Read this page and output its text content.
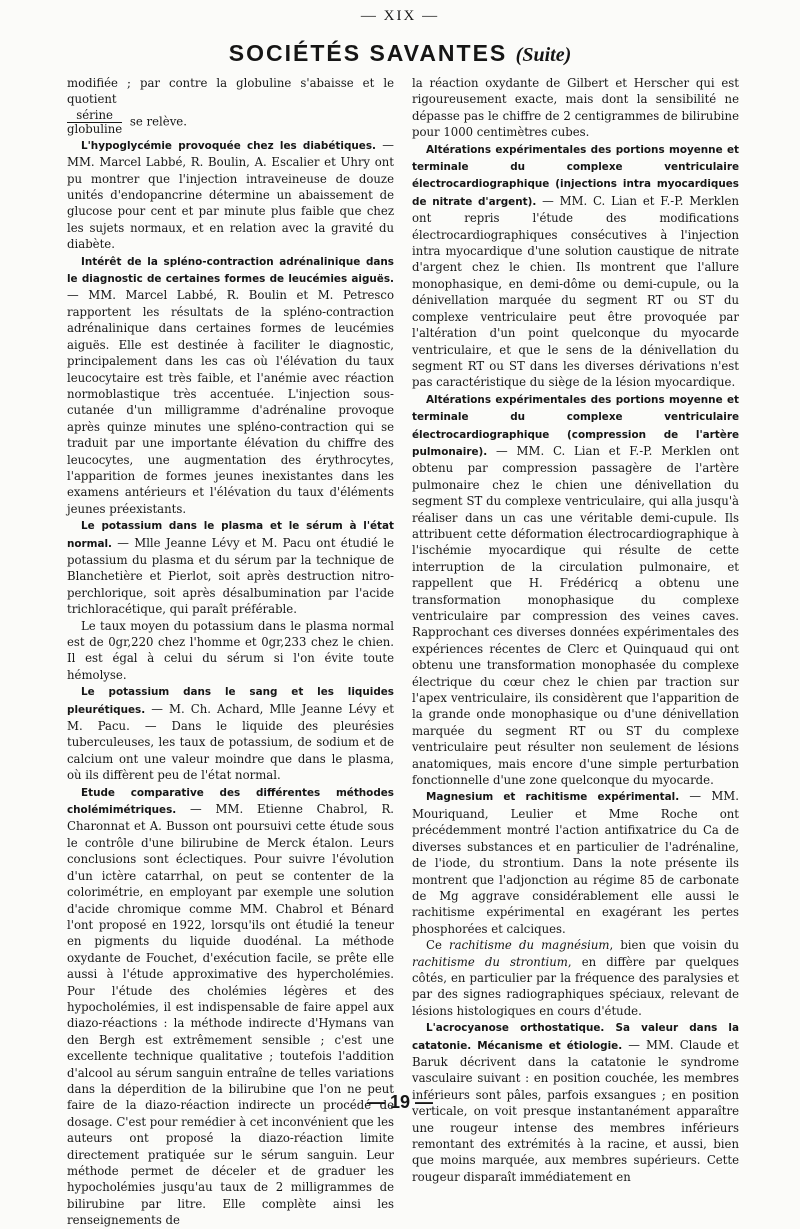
— XIX —
SOCIÉTÉS SAVANTES (Suite)

modifiée ; par contre la globuline s'abaisse et le quotient

$\frac{\text{sérine}}{\text{globuline}}$ se relève.

L'hypoglycémie provoquée chez les diabétiques. — MM. Marcel Labbé, R. Boulin, A. Escalier et Uhry ont pu montrer que l'injection intraveineuse de douze unités d'endopancrine détermine un abaissement de glucose pour cent et par minute plus faible que chez les sujets normaux, et en relation avec la gravité du diabète.

Intérêt de la spléno-contraction adrénalinique dans le diagnostic de certaines formes de leucémies aiguës. — MM. Marcel Labbé, R. Boulin et M. Petresco rapportent les résultats de la spléno-contraction adrénalinique dans certaines formes de leucémies aiguës. Elle est destinée à faciliter le diagnostic, principalement dans les cas où l'élévation du taux leucocytaire est très faible, et l'anémie avec réaction normoblastique très accentuée. L'injection sous-cutanée d'un milligramme d'adrénaline provoque après quinze minutes une spléno-contraction qui se traduit par une importante élévation du chiffre des leucocytes, une augmentation des érythrocytes, l'apparition de formes jeunes inexistantes dans les examens antérieurs et l'élévation du taux d'éléments jeunes préexistants.

Le potassium dans le plasma et le sérum à l'état normal. — Mlle Jeanne Lévy et M. Pacu ont étudié le potassium du plasma et du sérum par la technique de Blanchetière et Pierlot, soit après destruction nitro-perchlorique, soit après désalbumination par l'acide trichloracétique, qui paraît préférable.

Le taux moyen du potassium dans le plasma normal est de 0gr,220 chez l'homme et 0gr,233 chez le chien. Il est égal à celui du sérum si l'on évite toute hémolyse.

Le potassium dans le sang et les liquides pleurétiques. — M. Ch. Achard, Mlle Jeanne Lévy et M. Pacu. — Dans le liquide des pleurésies tuberculeuses, les taux de potassium, de sodium et de calcium ont une valeur moindre que dans le plasma, où ils diffèrent peu de l'état normal.

Etude comparative des différentes méthodes cholémimétriques. — MM. Etienne Chabrol, R. Charonnat et A. Busson ont poursuivi cette étude sous le contrôle d'une bilirubine de Merck étalon. Leurs conclusions sont éclectiques. Pour suivre l'évolution d'un ictère catarrhal, on peut se contenter de la colorimétrie, en employant par exemple une solution d'acide chromique comme MM. Chabrol et Bénard l'ont proposé en 1922, lorsqu'ils ont étudié la teneur en pigments du liquide duodénal. La méthode oxydante de Fouchet, d'exécution facile, se prête elle aussi à l'étude approximative des hypercholémies. Pour l'étude des cholémies légères et des hypocholémies, il est indispensable de faire appel aux diazo-réactions : la méthode indirecte d'Hymans van den Bergh est extrêmement sensible ; c'est une excellente technique qualitative ; toutefois l'addition d'alcool au sérum sanguin entraîne de telles variations dans la déperdition de la bilirubine que l'on ne peut faire de la diazo-réaction indirecte un procédé de dosage. C'est pour remédier à cet inconvénient que les auteurs ont proposé la diazo-réaction limite directement pratiquée sur le sérum sanguin. Leur méthode permet de déceler et de graduer les hypocholémies jusqu'au taux de 2 milligrammes de bilirubine par litre. Elle complète ainsi les renseignements de

la réaction oxydante de Gilbert et Herscher qui est rigoureusement exacte, mais dont la sensibilité ne dépasse pas le chiffre de 2 centigrammes de bilirubine pour 1000 centimètres cubes.

Altérations expérimentales des portions moyenne et terminale du complexe ventriculaire électrocardiographique (injections intra myocardiques de nitrate d'argent). — MM. C. Lian et F.-P. Merklen ont repris l'étude des modifications électrocardiographiques consécutives à l'injection intra myocardique d'une solution caustique de nitrate d'argent chez le chien. Ils montrent que l'allure monophasique, en demi-dôme ou demi-cupule, ou la dénivellation marquée du segment RT ou ST du complexe ventriculaire peut être provoquée par l'altération d'un point quelconque du myocarde ventriculaire, et que le sens de la dénivellation du segment RT ou ST dans les diverses dérivations n'est pas caractéristique du siège de la lésion myocardique.

Altérations expérimentales des portions moyenne et terminale du complexe ventriculaire électrocardiographique (compression de l'artère pulmonaire). — MM. C. Lian et F.-P. Merklen ont obtenu par compression passagère de l'artère pulmonaire chez le chien une dénivellation du segment ST du complexe ventriculaire, qui alla jusqu'à réaliser dans un cas une véritable demi-cupule. Ils attribuent cette déformation électrocardiographique à l'ischémie myocardique qui résulte de cette interruption de la circulation pulmonaire, et rappellent que H. Frédéricq a obtenu une transformation monophasique du complexe ventriculaire par compression des veines caves. Rapprochant ces diverses données expérimentales des expériences récentes de Clerc et Quinquaud qui ont obtenu une transformation monophasée du complexe électrique du cœur chez le chien par traction sur l'apex ventriculaire, ils considèrent que l'apparition de la grande onde monophasique ou d'une dénivellation marquée du segment RT ou ST du complexe ventriculaire peut résulter non seulement de lésions anatomiques, mais encore d'une simple perturbation fonctionnelle d'une zone quelconque du myocarde.

Magnesium et rachitisme expérimental. — MM. Mouriquand, Leulier et Mme Roche ont précédemment montré l'action antifixatrice du Ca de diverses substances et en particulier de l'adrénaline, de l'iode, du strontium. Dans la note présente ils montrent que l'adjonction au régime 85 de carbonate de Mg aggrave considérablement elle aussi le rachitisme expérimental en exagérant les pertes phosphorées et calciques.

Ce rachitisme du magnésium, bien que voisin du rachitisme du strontium, en diffère par quelques côtés, en particulier par la fréquence des paralysies et par des signes radiographiques spéciaux, relevant de lésions histologiques en cours d'étude.

L'acrocyanose orthostatique. Sa valeur dans la catatonie. Mécanisme et étiologie. — MM. Claude et Baruk décrivent dans la catatonie le syndrome vasculaire suivant : en position couchée, les membres inférieurs sont pâles, parfois exsangues ; en position verticale, on voit presque instantanément apparaître une rougeur intense des membres inférieurs remontant des extrémités à la racine, et aussi, bien que moins marquée, aux membres supérieurs. Cette rougeur disparaît immédiatement en

— 19 —
